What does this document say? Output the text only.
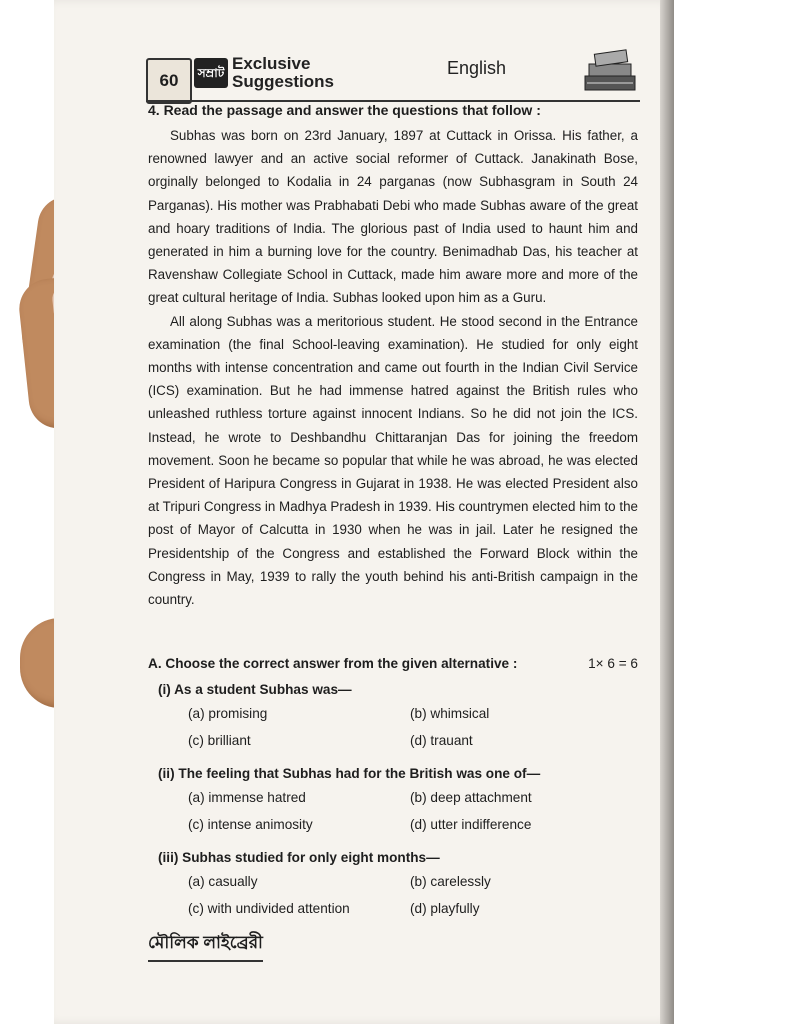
60	সম্রাট Exclusive
Suggestions
English
4. Read the passage and answer the questions that follow :

Subhas was born on 23rd January, 1897 at Cuttack in Orissa. His father, a renowned lawyer and an active social reformer of Cuttack. Janakinath Bose, orginally belonged to Kodalia in 24 parganas (now Subhasgram in South 24 Parganas). His mother was Prabhabati Debi who made Subhas aware of the great and hoary traditions of India. The glorious past of India used to haunt him and generated in him a burning love for the country. Benimadhab Das, his teacher at Ravenshaw Collegiate School in Cuttack, made him aware more and more of the great cultural heritage of India. Subhas looked upon him as a Guru.

All along Subhas was a meritorious student. He stood second in the Entrance examination (the final School-leaving examination). He studied for only eight months with intense concentration and came out fourth in the Indian Civil Service (ICS) examination. But he had immense hatred against the British rules who unleashed ruthless torture against innocent Indians. So he did not join the ICS. Instead, he wrote to Deshbandhu Chittaranjan Das for joining the freedom movement. Soon he became so popular that while he was abroad, he was elected President of Haripura Congress in Gujarat in 1938. He was elected President also at Tripuri Congress in Madhya Pradesh in 1939. His countrymen elected him to the post of Mayor of Calcutta in 1930 when he was in jail. Later he resigned the Presidentship of the Congress and established the Forward Block within the Congress in May, 1939 to rally the youth behind his anti-British campaign in the country.

A. Choose the correct answer from the given alternative :	1× 6 = 6
(i) As a student Subhas was—
(a) promising	(b) whimsical
(c) brilliant	(d) trauant
(ii) The feeling that Subhas had for the British was one of—
(a) immense hatred	(b) deep attachment
(c) intense animosity	(d) utter indifference
(iii) Subhas studied for only eight months—
(a) casually	(b) carelessly
(c) with undivided attention	(d) playfully
মৌলিক লাইব্রেরী
